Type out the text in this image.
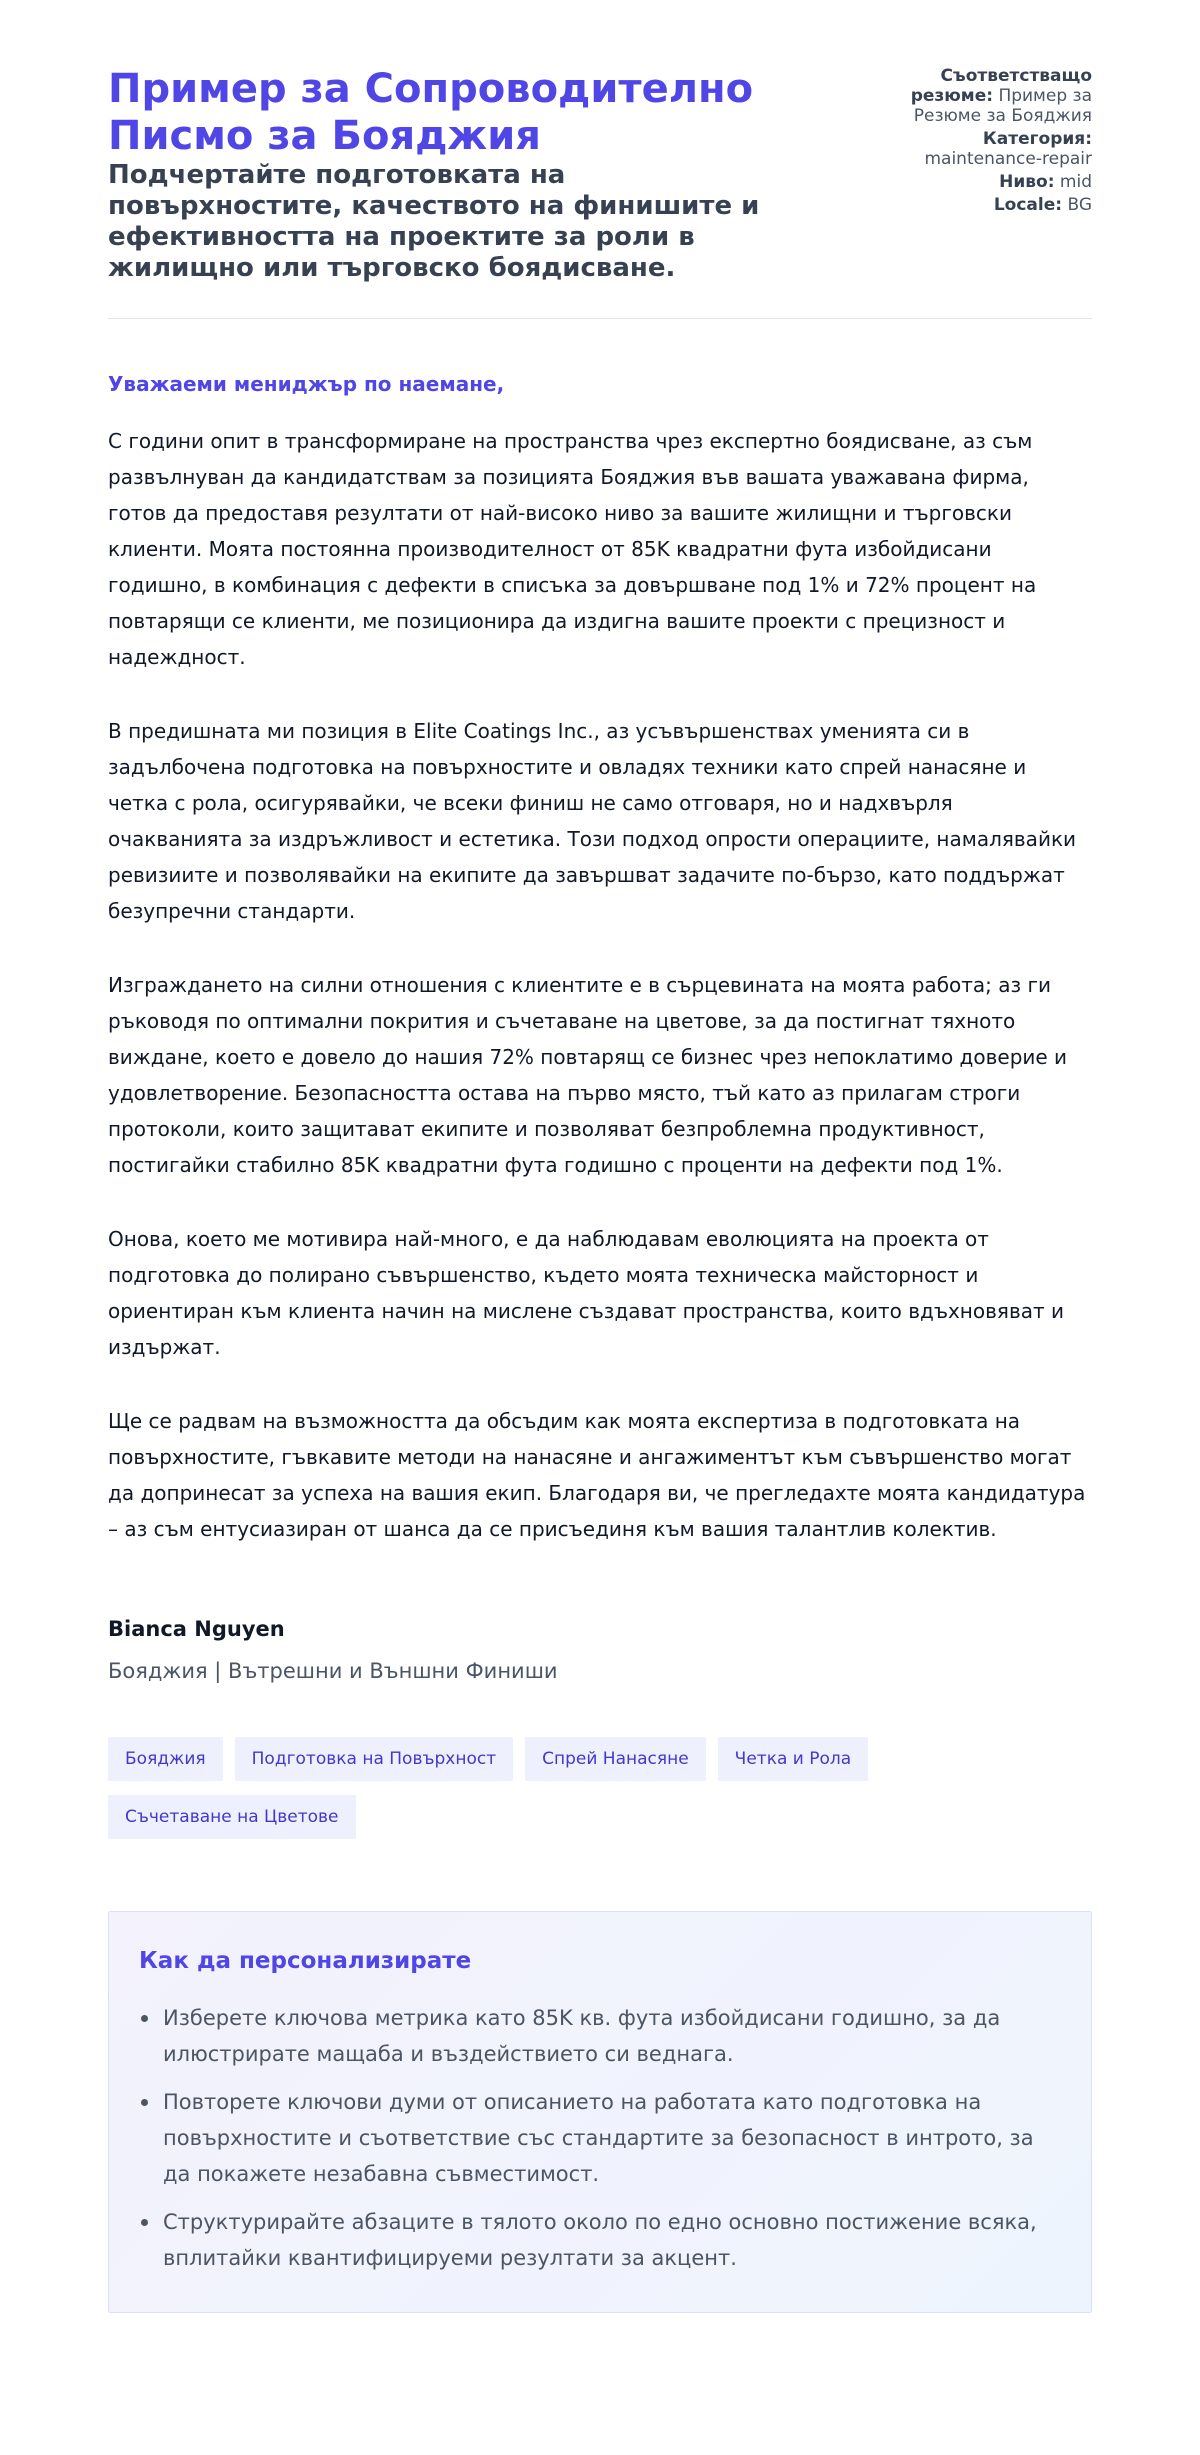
Пример за Сопроводително Писмо за Бояджия
Подчертайте подготовката на повърхностите, качеството на финишите и ефективността на проектите за роли в жилищно или търговско боядисване.
Съответстващо резюме: Пример за Резюме за Бояджия
Категория: maintenance-repair
Ниво: mid
Locale: BG

Уважаеми мениджър по наемане,

С години опит в трансформиране на пространства чрез експертно боядисване, аз съм развълнуван да кандидатствам за позицията Бояджия във вашата уважавана фирма, готов да предоставя резултати от най-високо ниво за вашите жилищни и търговски клиенти. Моята постоянна производителност от 85K квадратни фута избойдисани годишно, в комбинация с дефекти в списъка за довършване под 1% и 72% процент на повтарящи се клиенти, ме позиционира да издигна вашите проекти с прецизност и надеждност.

В предишната ми позиция в Elite Coatings Inc., аз усъвършенствах уменията си в задълбочена подготовка на повърхностите и овладях техники като спрей нанасяне и четка с рола, осигурявайки, че всеки финиш не само отговаря, но и надхвърля очакванията за издръжливост и естетика. Този подход опрости операциите, намалявайки ревизиите и позволявайки на екипите да завършват задачите по-бързо, като поддържат безупречни стандарти.

Изграждането на силни отношения с клиентите е в сърцевината на моята работа; аз ги ръководя по оптимални покрития и съчетаване на цветове, за да постигнат тяхното виждане, което е довело до нашия 72% повтарящ се бизнес чрез непоклатимо доверие и удовлетворение. Безопасността остава на първо място, тъй като аз прилагам строги протоколи, които защитават екипите и позволяват безпроблемна продуктивност, постигайки стабилно 85K квадратни фута годишно с проценти на дефекти под 1%.

Онова, което ме мотивира най-много, е да наблюдавам еволюцията на проекта от подготовка до полирано съвършенство, където моята техническа майсторност и ориентиран към клиента начин на мислене създават пространства, които вдъхновяват и издържат.

Ще се радвам на възможността да обсъдим как моята експертиза в подготовката на повърхностите, гъвкавите методи на нанасяне и ангажиментът към съвършенство могат да допринесат за успеха на вашия екип. Благодаря ви, че прегледахте моята кандидатура – аз съм ентусиазиран от шанса да се присъединя към вашия талантлив колектив.

Bianca Nguyen
Бояджия | Вътрешни и Външни Финиши
Бояджия	Подготовка на Повърхност	Спрей Нанасяне	Четка и Рола
Съчетаване на Цветове
Как да персонализирате
Изберете ключова метрика като 85K кв. фута избойдисани годишно, за да илюстрирате мащаба и въздействието си веднага.
Повторете ключови думи от описанието на работата като подготовка на повърхностите и съответствие със стандартите за безопасност в интрото, за да покажете незабавна съвместимост.
Структурирайте абзаците в тялото около по едно основно постижение всяка, вплитайки квантифицируеми резултати за акцент.
